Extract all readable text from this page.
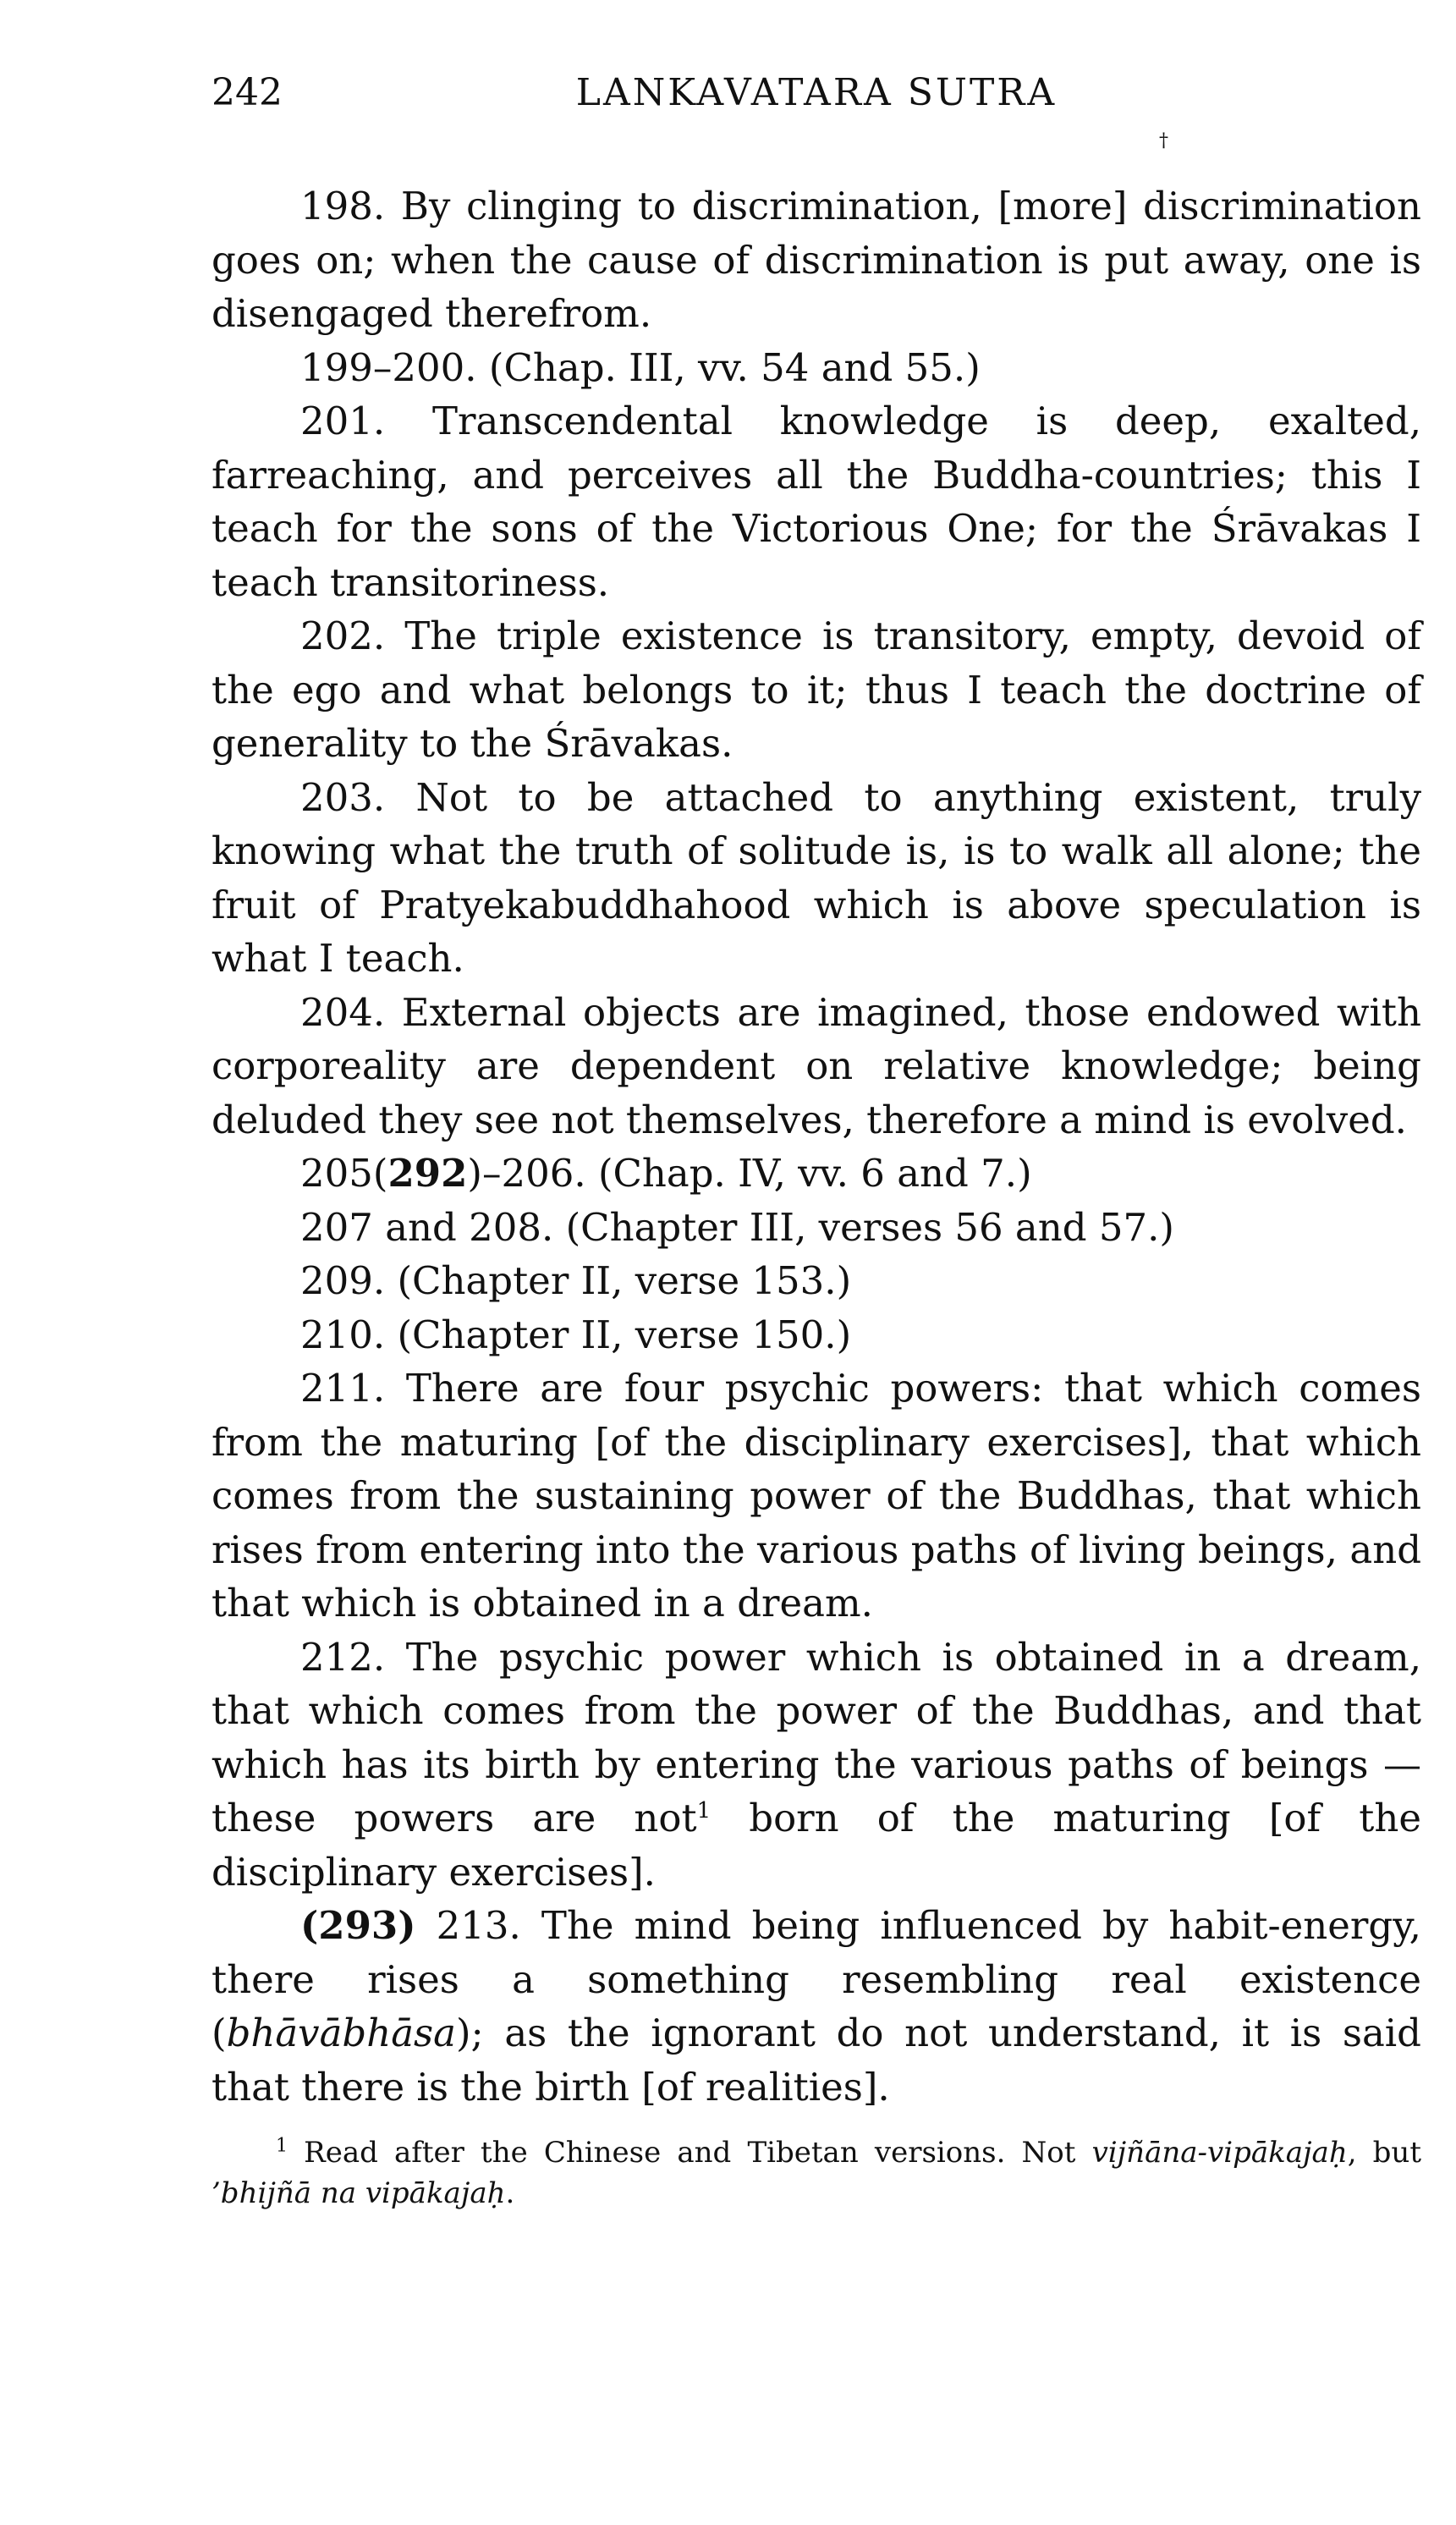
242	LANKAVATARA SUTRA
†

198. By clinging to discrimination, [more] discrimination goes on; when the cause of discrimination is put away, one is disengaged therefrom.

199–200. (Chap. III, vv. 54 and 55.)

201. Transcendental knowledge is deep, exalted, farreaching, and perceives all the Buddha-countries; this I teach for the sons of the Victorious One; for the Śrāvakas I teach transitoriness.

202. The triple existence is transitory, empty, devoid of the ego and what belongs to it; thus I teach the doctrine of generality to the Śrāvakas.

203. Not to be attached to anything existent, truly knowing what the truth of solitude is, is to walk all alone; the fruit of Pratyekabuddhahood which is above speculation is what I teach.

204. External objects are imagined, those endowed with corporeality are dependent on relative knowledge; being deluded they see not themselves, therefore a mind is evolved.

205(292)–206. (Chap. IV, vv. 6 and 7.)

207 and 208. (Chapter III, verses 56 and 57.)

209. (Chapter II, verse 153.)

210. (Chapter II, verse 150.)

211. There are four psychic powers: that which comes from the maturing [of the disciplinary exercises], that which comes from the sustaining power of the Buddhas, that which rises from entering into the various paths of living beings, and that which is obtained in a dream.

212. The psychic power which is obtained in a dream, that which comes from the power of the Buddhas, and that which has its birth by entering the various paths of beings —these powers are not$^1$ born of the maturing [of the disciplinary exercises].

(293) 213. The mind being influenced by habit-energy, there rises a something resembling real existence (bhāvābhāsa); as the ignorant do not understand, it is said that there is the birth [of realities].

$^1$ Read after the Chinese and Tibetan versions. Not vijñāna-vipākajaḥ, but ’bhijñā na vipākajaḥ.
